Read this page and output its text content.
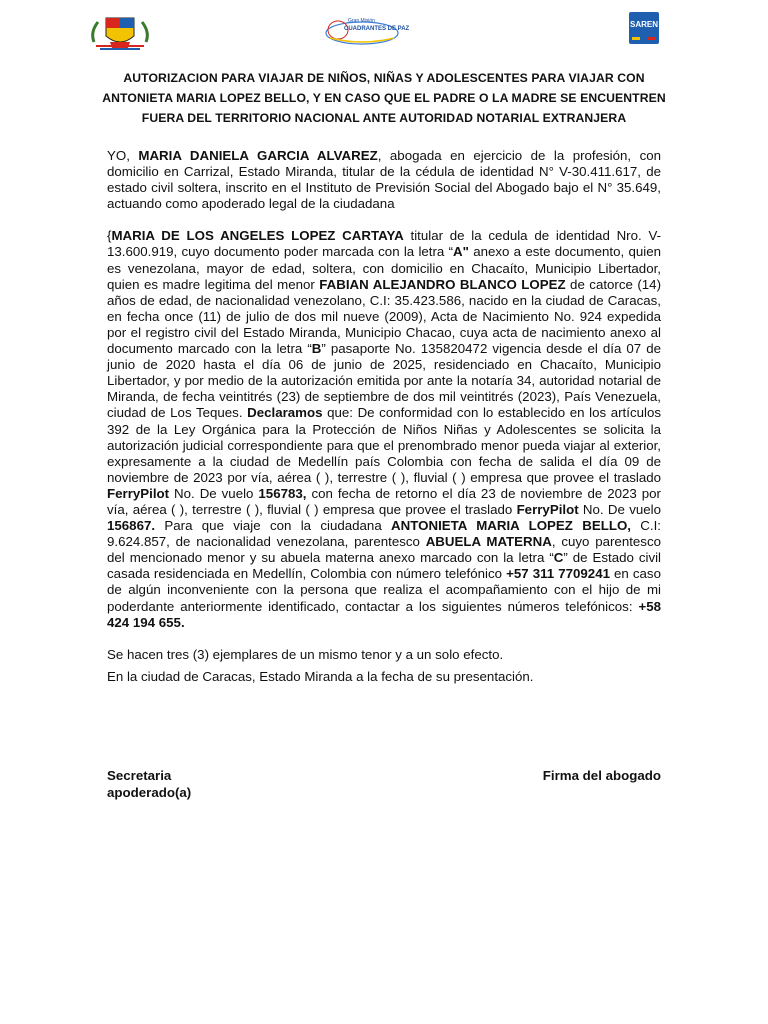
Gran Misión
CUADRANTES DE PAZ	SAREN
AUTORIZACION PARA VIAJAR DE NIÑOS, NIÑAS Y ADOLESCENTES PARA VIAJAR CON ANTONIETA MARIA LOPEZ BELLO, Y EN CASO QUE EL PADRE O LA MADRE SE ENCUENTREN FUERA DEL TERRITORIO NACIONAL ANTE AUTORIDAD NOTARIAL EXTRANJERA

YO, MARIA DANIELA GARCIA ALVAREZ, abogada en ejercicio de la profesión, con domicilio en Carrizal, Estado Miranda, titular de la cédula de identidad N° V-30.411.617, de estado civil soltera, inscrito en el Instituto de Previsión Social del Abogado bajo el N° 35.649, actuando como apoderado legal de la ciudadana

{MARIA DE LOS ANGELES LOPEZ CARTAYA titular de la cedula de identidad Nro. V-13.600.919, cuyo documento poder marcada con la letra “A" anexo a este documento, quien es venezolana, mayor de edad, soltera, con domicilio en Chacaíto, Municipio Libertador, quien es madre legitima del menor FABIAN ALEJANDRO BLANCO LOPEZ de catorce (14) años de edad, de nacionalidad venezolano, C.I: 35.423.586, nacido en la ciudad de Caracas, en fecha once (11) de julio de dos mil nueve (2009), Acta de Nacimiento No. 924 expedida por el registro civil del Estado Miranda, Municipio Chacao, cuya acta de nacimiento anexo al documento marcado con la letra “B” pasaporte No. 135820472 vigencia desde el día 07 de junio de 2020 hasta el día 06 de junio de 2025, residenciado en Chacaíto, Municipio Libertador, y por medio de la autorización emitida por ante la notaría 34, autoridad notarial de Miranda, de fecha veintitrés (23) de septiembre de dos mil veintitrés (2023), País Venezuela, ciudad de Los Teques. Declaramos que: De conformidad con lo establecido en los artículos 392 de la Ley Orgánica para la Protección de Niños Niñas y Adolescentes se solicita la autorización judicial correspondiente para que el prenombrado menor pueda viajar al exterior, expresamente a la ciudad de Medellín país Colombia con fecha de salida el día 09 de noviembre de 2023 por vía, aérea ( ), terrestre ( ), fluvial ( ) empresa que provee el traslado FerryPilot No. De vuelo 156783, con fecha de retorno el día 23 de noviembre de 2023 por vía, aérea ( ), terrestre ( ), fluvial ( ) empresa que provee el traslado FerryPilot No. De vuelo 156867. Para que viaje con la ciudadana ANTONIETA MARIA LOPEZ BELLO, C.I: 9.624.857, de nacionalidad venezolana, parentesco ABUELA MATERNA, cuyo parentesco del mencionado menor y su abuela materna anexo marcado con la letra “C” de Estado civil casada residenciada en Medellín, Colombia con número telefónico +57 311 7709241 en caso de algún inconveniente con la persona que realiza el acompañamiento con el hijo de mi poderdante anteriormente identificado, contactar a los siguientes números telefónicos: +58 424 194 655.

Se hacen tres (3) ejemplares de un mismo tenor y a un solo efecto.

En la ciudad de Caracas, Estado Miranda a la fecha de su presentación.

Secretaria
apoderado(a)
Firma del abogado
